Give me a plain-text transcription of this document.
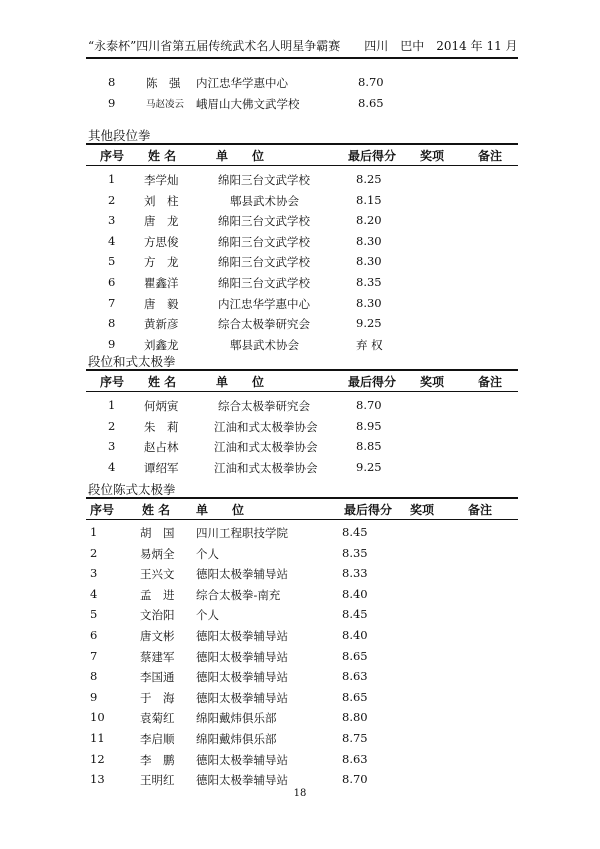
“永泰杯”四川省第五届传统武术名人明星争霸赛　　四川　巴中　2014 年 11 月
8	陈　强 内江忠华学惠中心	8.70
9	马赵凌云 峨眉山大佛文武学校	8.65
其他段位拳
序号 姓 名	单　　位	最后得分 奖项	备注
1 李学灿	绵阳三台文武学校	8.25
2 刘　柱	郫县武术协会	8.15
3 唐　龙	绵阳三台文武学校	8.20
4 方思俊	绵阳三台文武学校	8.30
5 方　龙	绵阳三台文武学校	8.30
6 瞿鑫洋	绵阳三台文武学校	8.35
7 唐　毅	内江忠华学惠中心	8.30
8 黄新彦	综合太极拳研究会	9.25
9 刘鑫龙	郫县武术协会	弃 权
段位和式太极拳
序号 姓 名	单　　位	最后得分 奖项	备注
1 何炳寅	综合太极拳研究会	8.70
2 朱　莉	江油和式太极拳协会	8.95
3 赵占林	江油和式太极拳协会	8.85
4 谭绍军	江油和式太极拳协会	9.25
段位陈式太极拳
序号 姓 名 单　　位	最后得分 奖项	备注
1	胡　国 四川工程职技学院	8.45
2	易炳全 个人	8.35
3	王兴文 德阳太极拳辅导站	8.33
4	孟　进 综合太极拳-南充	8.40
5	文治阳 个人	8.45
6	唐文彬 德阳太极拳辅导站	8.40
7	蔡建军 德阳太极拳辅导站	8.65
8	李国通 德阳太极拳辅导站	8.63
9	于　海 德阳太极拳辅导站	8.65
10	袁菊红 绵阳戴炜俱乐部	8.80
11	李启顺 绵阳戴炜俱乐部	8.75
12	李　鹏 德阳太极拳辅导站	8.63
13	王明红 德阳太极拳辅导站	8.70
18
